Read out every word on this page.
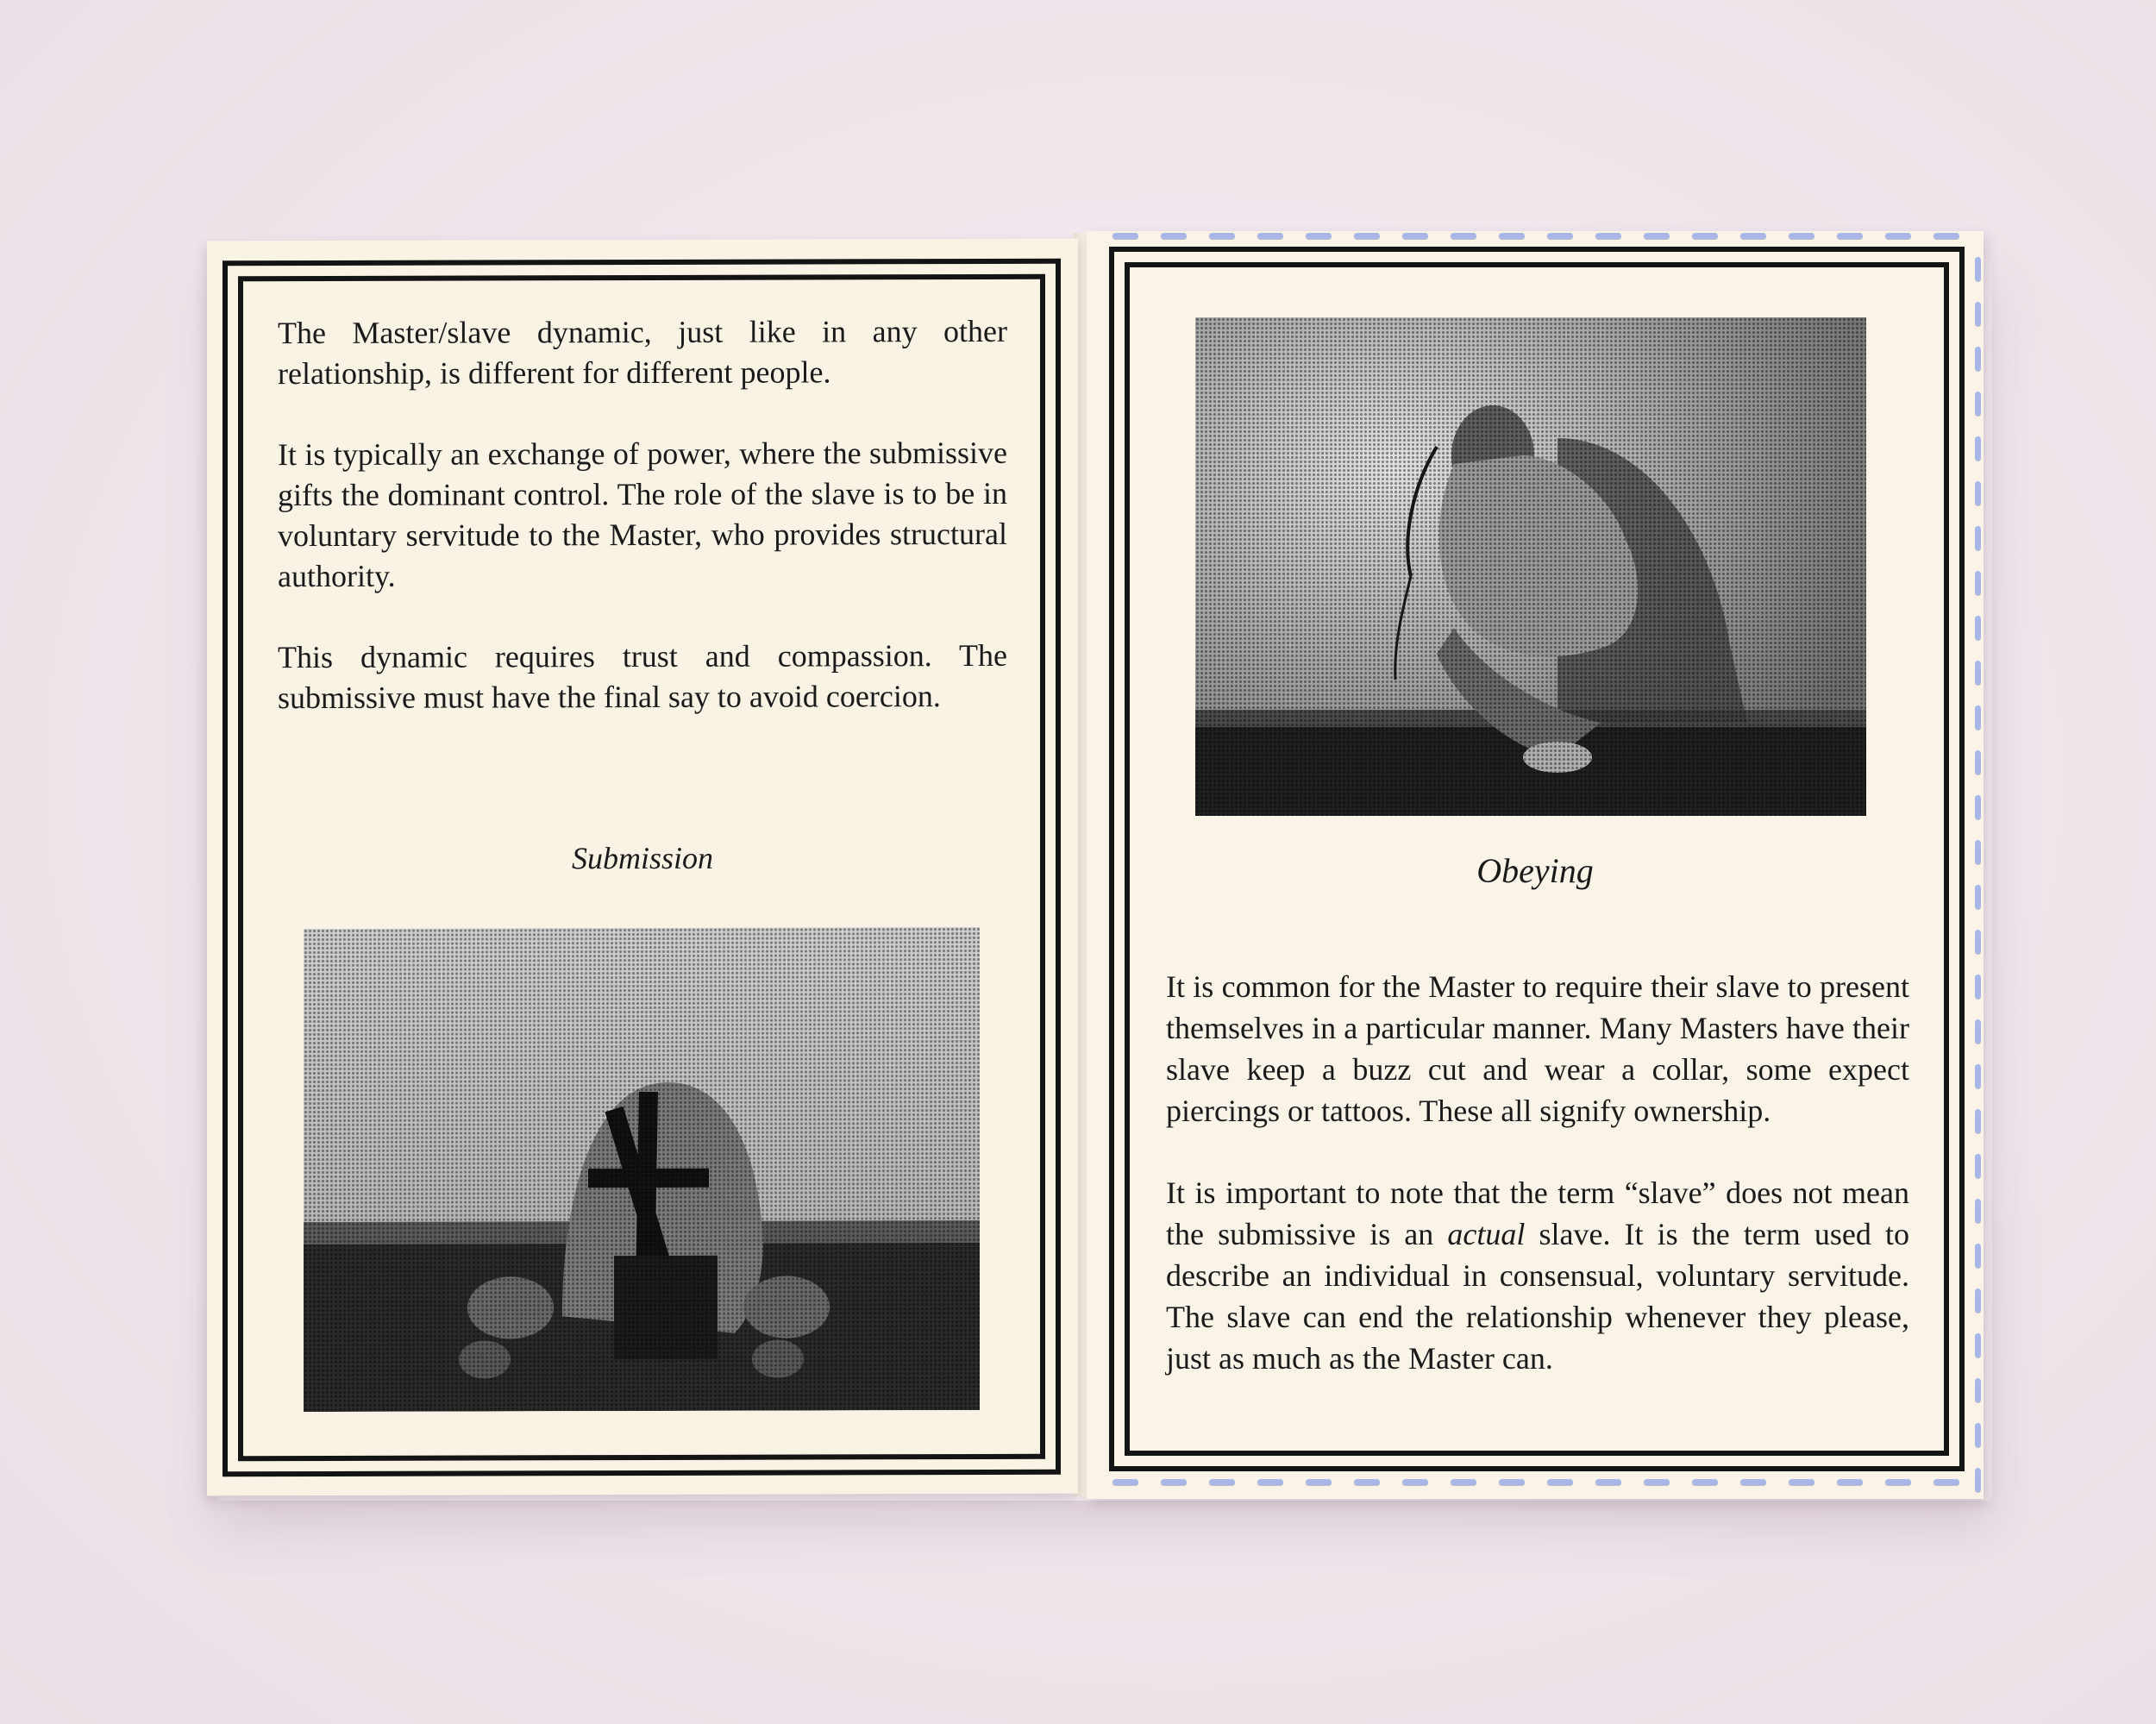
The Master/slave dynamic, just like in any other relationship, is different for different people.

It is typically an exchange of power, where the submissive gifts the dominant control. The role of the slave is to be in voluntary servitude to the Master, who provides structural authority.

This dynamic requires trust and compassion. The submissive must have the final say to avoid coercion.

Submission	Obeying

It is common for the Master to require their slave to present themselves in a particular manner. Many Masters have their slave keep a buzz cut and wear a collar, some expect piercings or tattoos. These all signify ownership.

It is important to note that the term “slave” does not mean the submissive is an actual slave. It is the term used to describe an individual in consensual, voluntary servitude. The slave can end the relationship whenever they please, just as much as the Master can.
